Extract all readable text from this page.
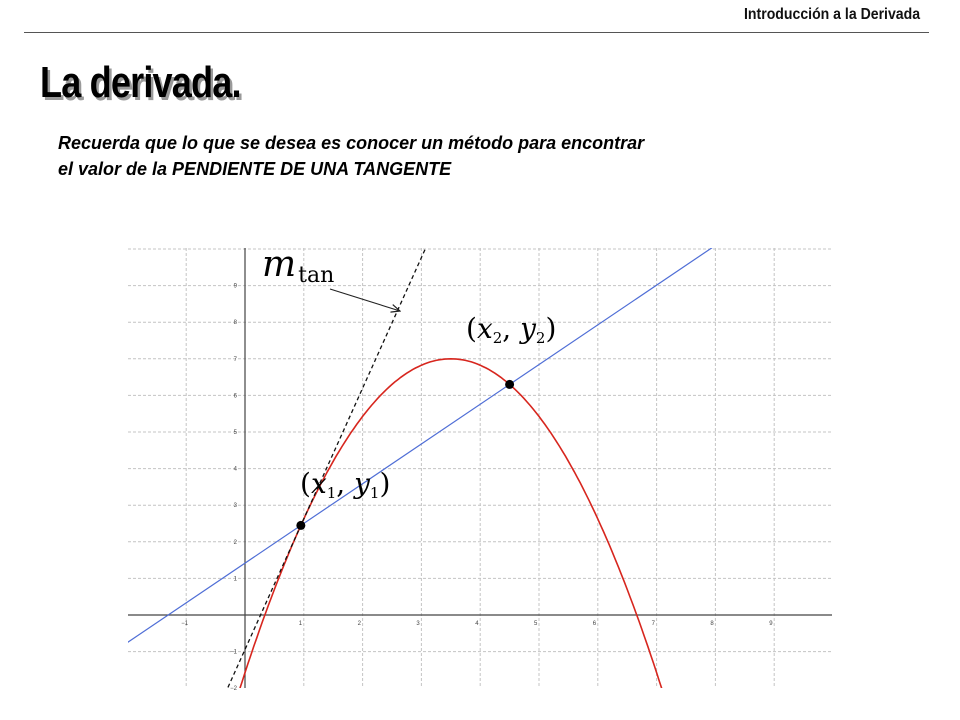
Introducción a la Derivada
La derivada.
Recuerda que lo que se desea es conocer un método para encontrar
el valor de la PENDIENTE DE UNA TANGENTE
−1	1	2	3	4	5	6	7	8	9
9
8
7
6
5
4
3
2
1
−1
−2
mtan
(x1, y1)
(x2, y2)
